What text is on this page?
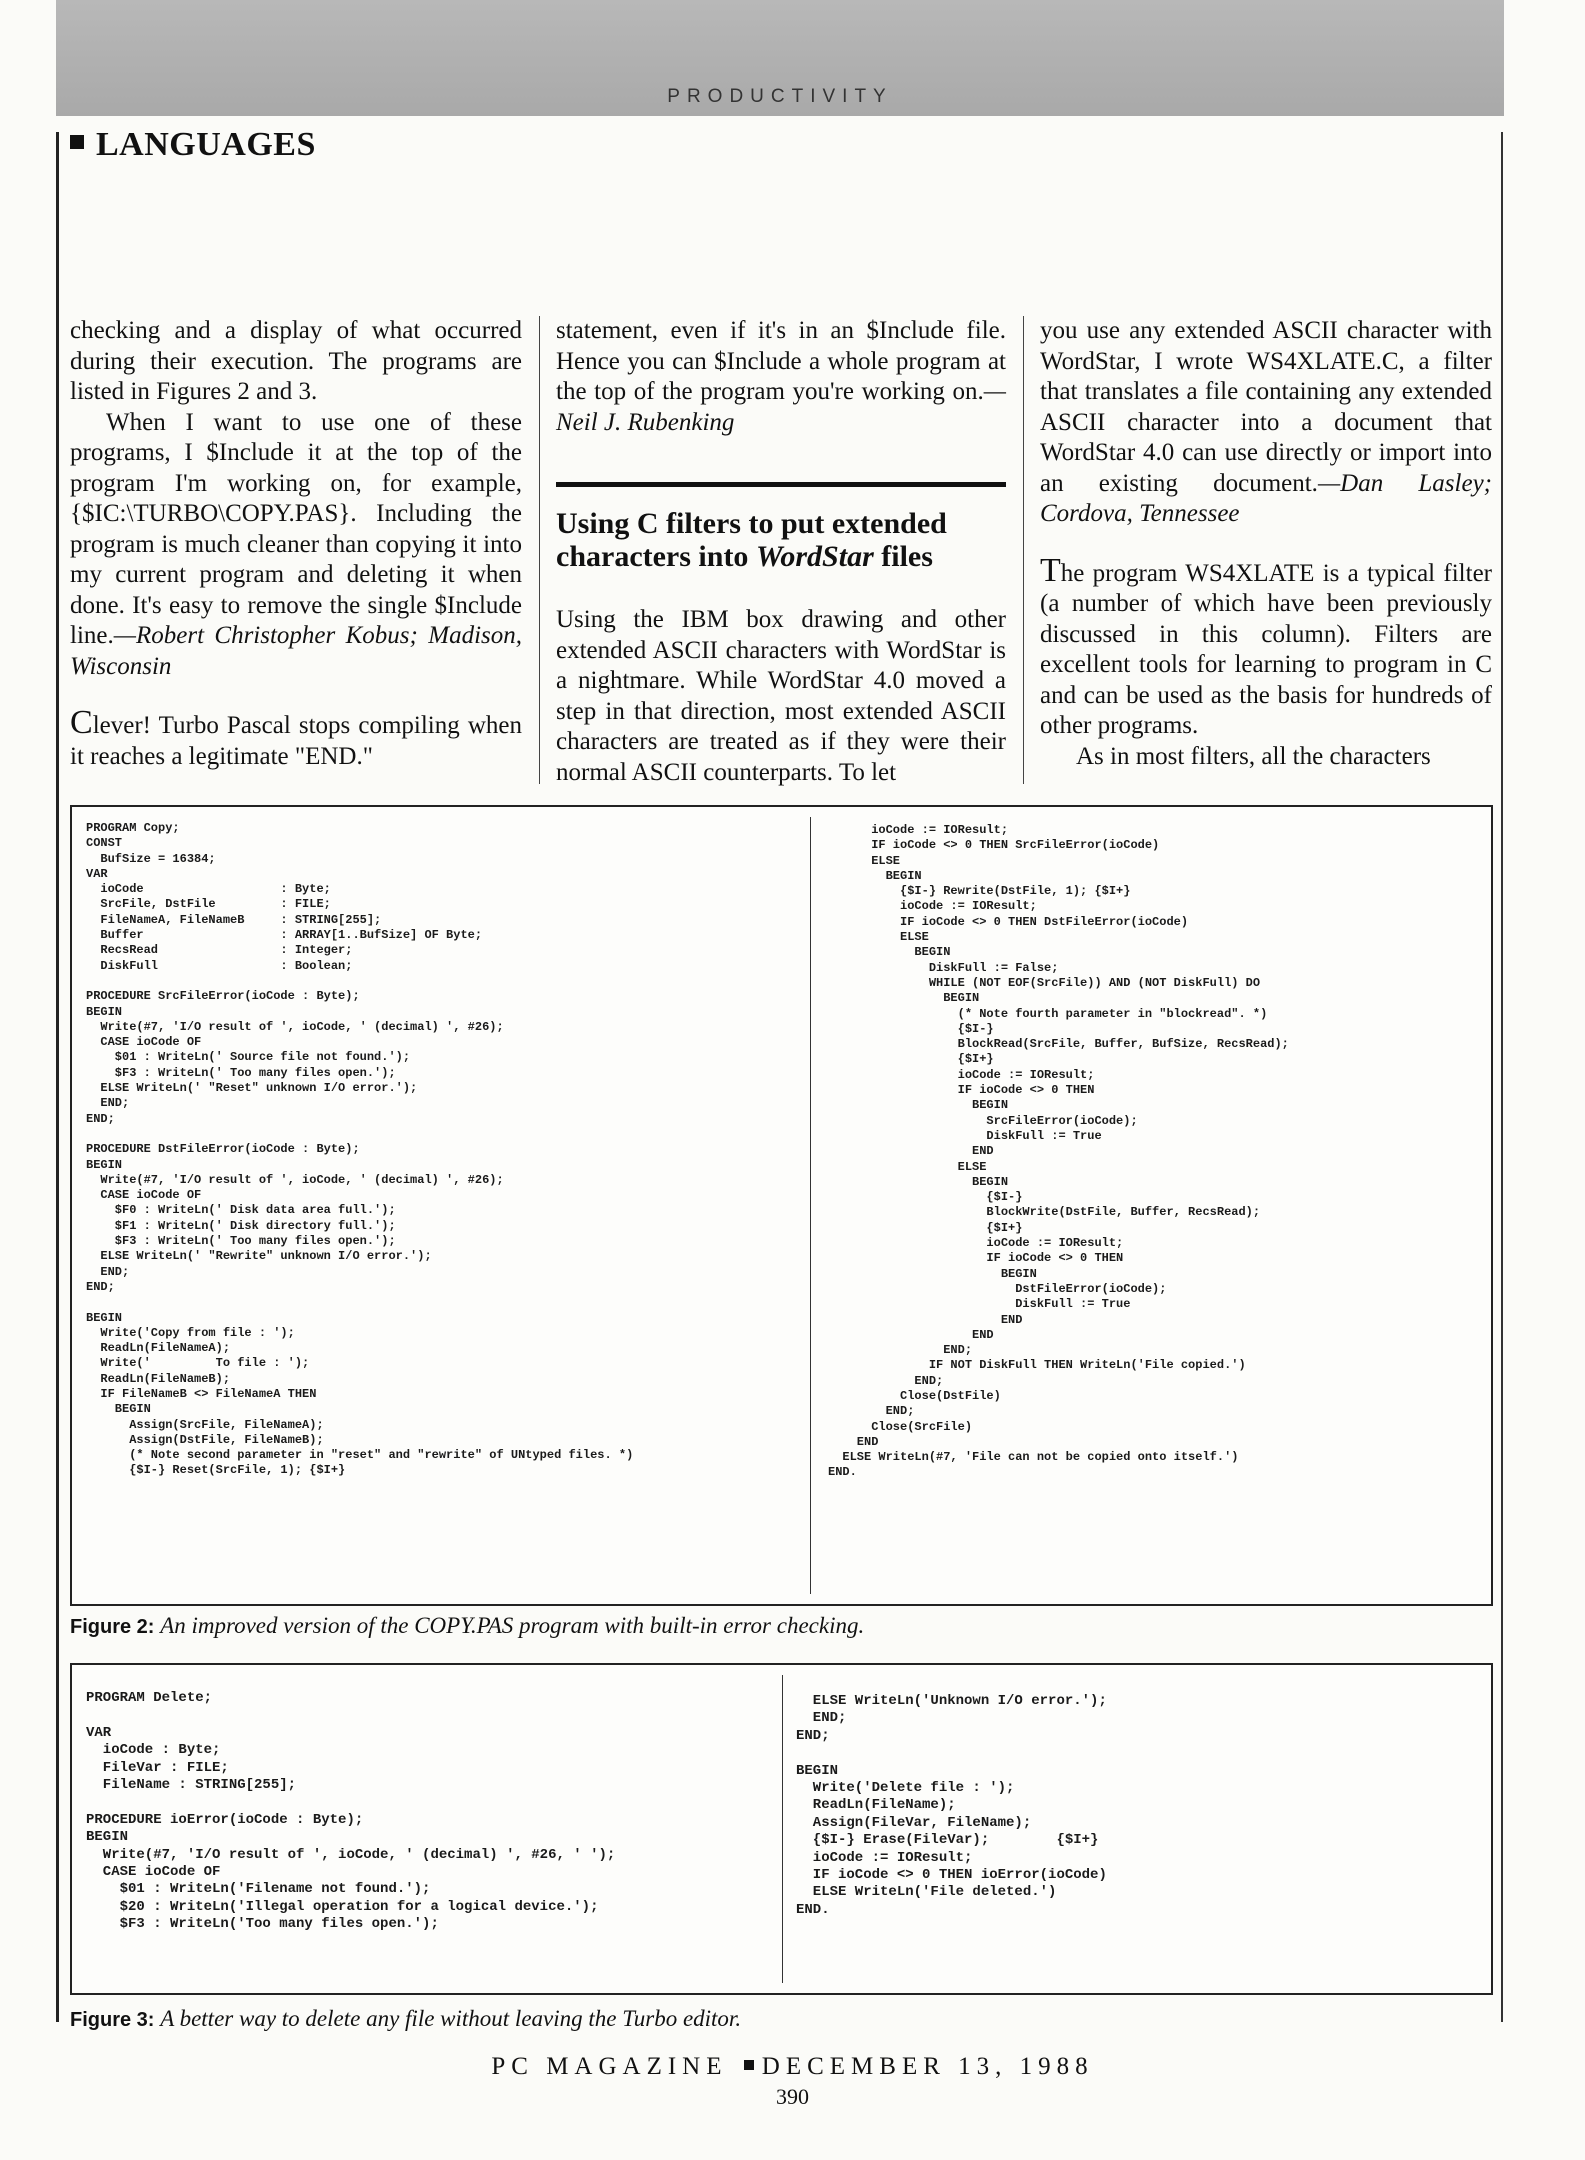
PRODUCTIVITY
LANGUAGES

checking and a display of what occurred during their execution. The programs are listed in Figures 2 and 3.

When I want to use one of these programs, I $Include it at the top of the program I'm working on, for example, {$IC:\TURBO\COPY.PAS}. Including the program is much cleaner than copying it into my current program and deleting it when done. It's easy to remove the single $Include line.—Robert Christopher Kobus; Madison, Wisconsin

Clever! Turbo Pascal stops compiling when it reaches a legitimate "END."

statement, even if it's in an $Include file. Hence you can $Include a whole program at the top of the program you're working on.—Neil J. Rubenking

Using C filters to put extended characters into WordStar files

Using the IBM box drawing and other extended ASCII characters with WordStar is a nightmare. While WordStar 4.0 moved a step in that direction, most extended ASCII characters are treated as if they were their normal ASCII counterparts. To let

you use any extended ASCII character with WordStar, I wrote WS4XLATE.C, a filter that translates a file containing any extended ASCII character into a document that WordStar 4.0 can use directly or import into an existing document.—Dan Lasley; Cordova, Tennessee

The program WS4XLATE is a typical filter (a number of which have been previously discussed in this column). Filters are excellent tools for learning to program in C and can be used as the basis for hundreds of other programs.

As in most filters, all the characters

PROGRAM Copy;
CONST
BufSize = 16384;
VAR
ioCode                   : Byte;
SrcFile, DstFile         : FILE;
FileNameA, FileNameB     : STRING[255];
Buffer                   : ARRAY[1..BufSize] OF Byte;
RecsRead                 : Integer;
DiskFull                 : Boolean;

PROCEDURE SrcFileError(ioCode : Byte);
BEGIN
Write(#7, 'I/O result of ', ioCode, ' (decimal) ', #26);
CASE ioCode OF
$01 : WriteLn(' Source file not found.');
$F3 : WriteLn(' Too many files open.');
ELSE WriteLn(' "Reset" unknown I/O error.');
END;
END;

PROCEDURE DstFileError(ioCode : Byte);
BEGIN
Write(#7, 'I/O result of ', ioCode, ' (decimal) ', #26);
CASE ioCode OF
$F0 : WriteLn(' Disk data area full.');
$F1 : WriteLn(' Disk directory full.');
$F3 : WriteLn(' Too many files open.');
ELSE WriteLn(' "Rewrite" unknown I/O error.');
END;
END;

BEGIN
Write('Copy from file : ');
ReadLn(FileNameA);
Write('         To file : ');
ReadLn(FileNameB);
IF FileNameB <> FileNameA THEN
BEGIN
Assign(SrcFile, FileNameA);
Assign(DstFile, FileNameB);
(* Note second parameter in "reset" and "rewrite" of UNtyped files. *)
{$I-} Reset(SrcFile, 1); {$I+}
ioCode := IOResult;
IF ioCode <> 0 THEN SrcFileError(ioCode)
ELSE
BEGIN
{$I-} Rewrite(DstFile, 1); {$I+}
ioCode := IOResult;
IF ioCode <> 0 THEN DstFileError(ioCode)
ELSE
BEGIN
DiskFull := False;
WHILE (NOT EOF(SrcFile)) AND (NOT DiskFull) DO
BEGIN
(* Note fourth parameter in "blockread". *)
{$I-}
BlockRead(SrcFile, Buffer, BufSize, RecsRead);
{$I+}
ioCode := IOResult;
IF ioCode <> 0 THEN
BEGIN
SrcFileError(ioCode);
DiskFull := True
END
ELSE
BEGIN
{$I-}
BlockWrite(DstFile, Buffer, RecsRead);
{$I+}
ioCode := IOResult;
IF ioCode <> 0 THEN
BEGIN
DstFileError(ioCode);
DiskFull := True
END
END
END;
IF NOT DiskFull THEN WriteLn('File copied.')
END;
Close(DstFile)
END;
Close(SrcFile)
END
ELSE WriteLn(#7, 'File can not be copied onto itself.')
END.
Figure 2: An improved version of the COPY.PAS program with built-in error checking.
PROGRAM Delete;

VAR
ioCode : Byte;
FileVar : FILE;
FileName : STRING[255];

PROCEDURE ioError(ioCode : Byte);
BEGIN
Write(#7, 'I/O result of ', ioCode, ' (decimal) ', #26, ' ');
CASE ioCode OF
$01 : WriteLn('Filename not found.');
$20 : WriteLn('Illegal operation for a logical device.');
$F3 : WriteLn('Too many files open.');
ELSE WriteLn('Unknown I/O error.');
END;
END;

BEGIN
Write('Delete file : ');
ReadLn(FileName);
Assign(FileVar, FileName);
{$I-} Erase(FileVar);        {$I+}
ioCode := IOResult;
IF ioCode <> 0 THEN ioError(ioCode)
ELSE WriteLn('File deleted.')
END.
Figure 3: A better way to delete any file without leaving the Turbo editor.
PC MAGAZINE DECEMBER 13, 1988
390
